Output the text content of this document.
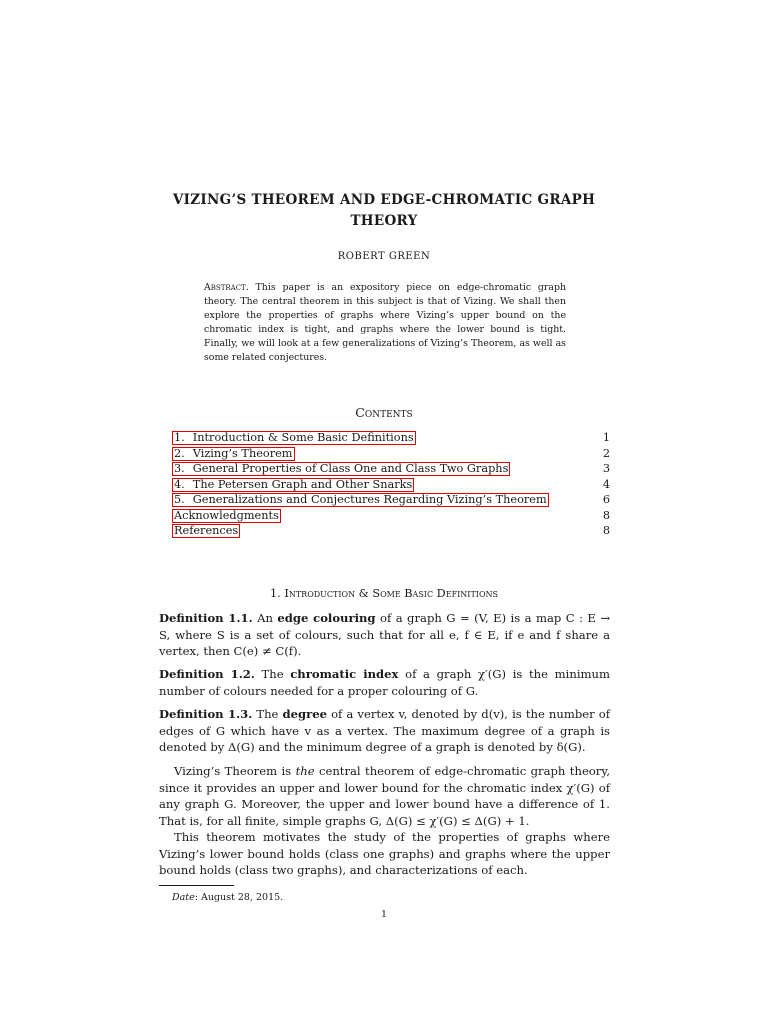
VIZING’S THEOREM AND EDGE-CHROMATIC GRAPH
THEORY
ROBERT GREEN
Abstract. This paper is an expository piece on edge-chromatic graph theory. The central theorem in this subject is that of Vizing. We shall then explore the properties of graphs where Vizing’s upper bound on the chromatic index is tight, and graphs where the lower bound is tight. Finally, we will look at a few generalizations of Vizing’s Theorem, as well as some related conjectures.
Contents
1. Introduction & Some Basic Definitions	1
2. Vizing’s Theorem	2
3. General Properties of Class One and Class Two Graphs	3
4. The Petersen Graph and Other Snarks	4
5. Generalizations and Conjectures Regarding Vizing’s Theorem	6
Acknowledgments	8
References	8
1. Introduction & Some Basic Definitions

Definition 1.1. An edge colouring of a graph G = (V, E) is a map C : E → S, where S is a set of colours, such that for all e, f ∈ E, if e and f share a vertex, then C(e) ≠ C(f).

Definition 1.2. The chromatic index of a graph χ′(G) is the minimum number of colours needed for a proper colouring of G.

Definition 1.3. The degree of a vertex v, denoted by d(v), is the number of edges of G which have v as a vertex. The maximum degree of a graph is denoted by Δ(G) and the minimum degree of a graph is denoted by δ(G).

Vizing’s Theorem is the central theorem of edge-chromatic graph theory, since it provides an upper and lower bound for the chromatic index χ′(G) of any graph G. Moreover, the upper and lower bound have a difference of 1. That is, for all finite, simple graphs G, Δ(G) ≤ χ′(G) ≤ Δ(G) + 1.

This theorem motivates the study of the properties of graphs where Vizing’s lower bound holds (class one graphs) and graphs where the upper bound holds (class two graphs), and characterizations of each.

Date: August 28, 2015.
1
